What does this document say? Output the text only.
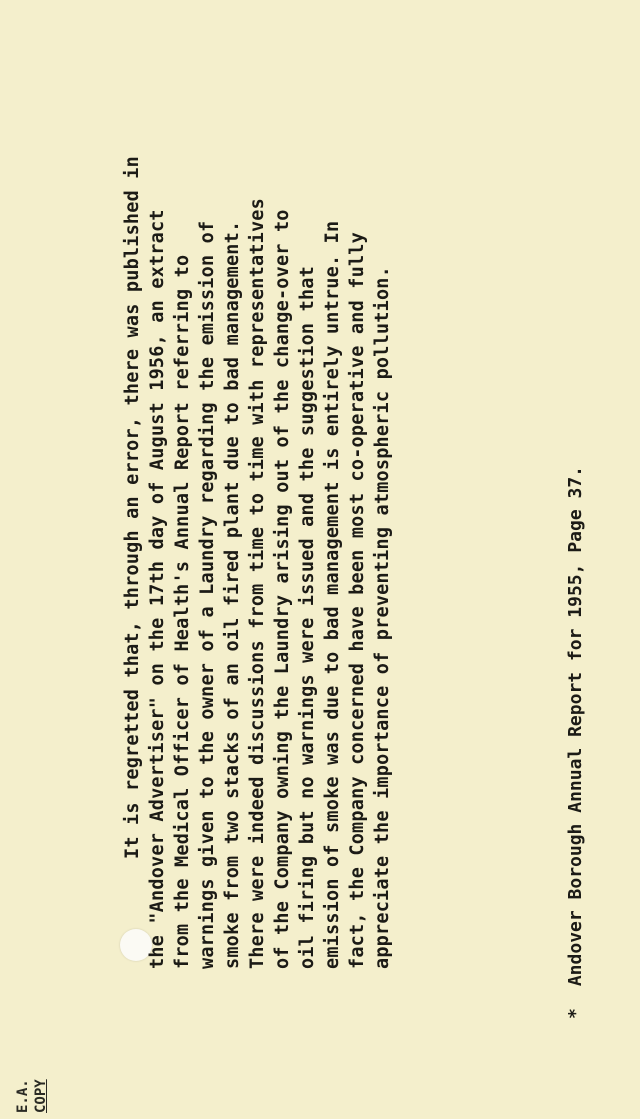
E.A. COPY
It is regretted that, through an error, there was published in the "Andover Advertiser" on the 17th day of August 1956, an extract from the Medical Officer of Health's Annual Report referring to warnings given to the owner of a Laundry regarding the emission of smoke from two stacks of an oil fired plant due to bad management. There were indeed discussions from time to time with representatives of the Company owning the Laundry arising out of the change-over to oil firing but no warnings were issued and the suggestion that emission of smoke was due to bad management is entirely untrue. In fact, the Company concerned have been most co-operative and fully appreciate the importance of preventing atmospheric pollution.
*Andover Borough Annual Report for 1955, Page 37.
